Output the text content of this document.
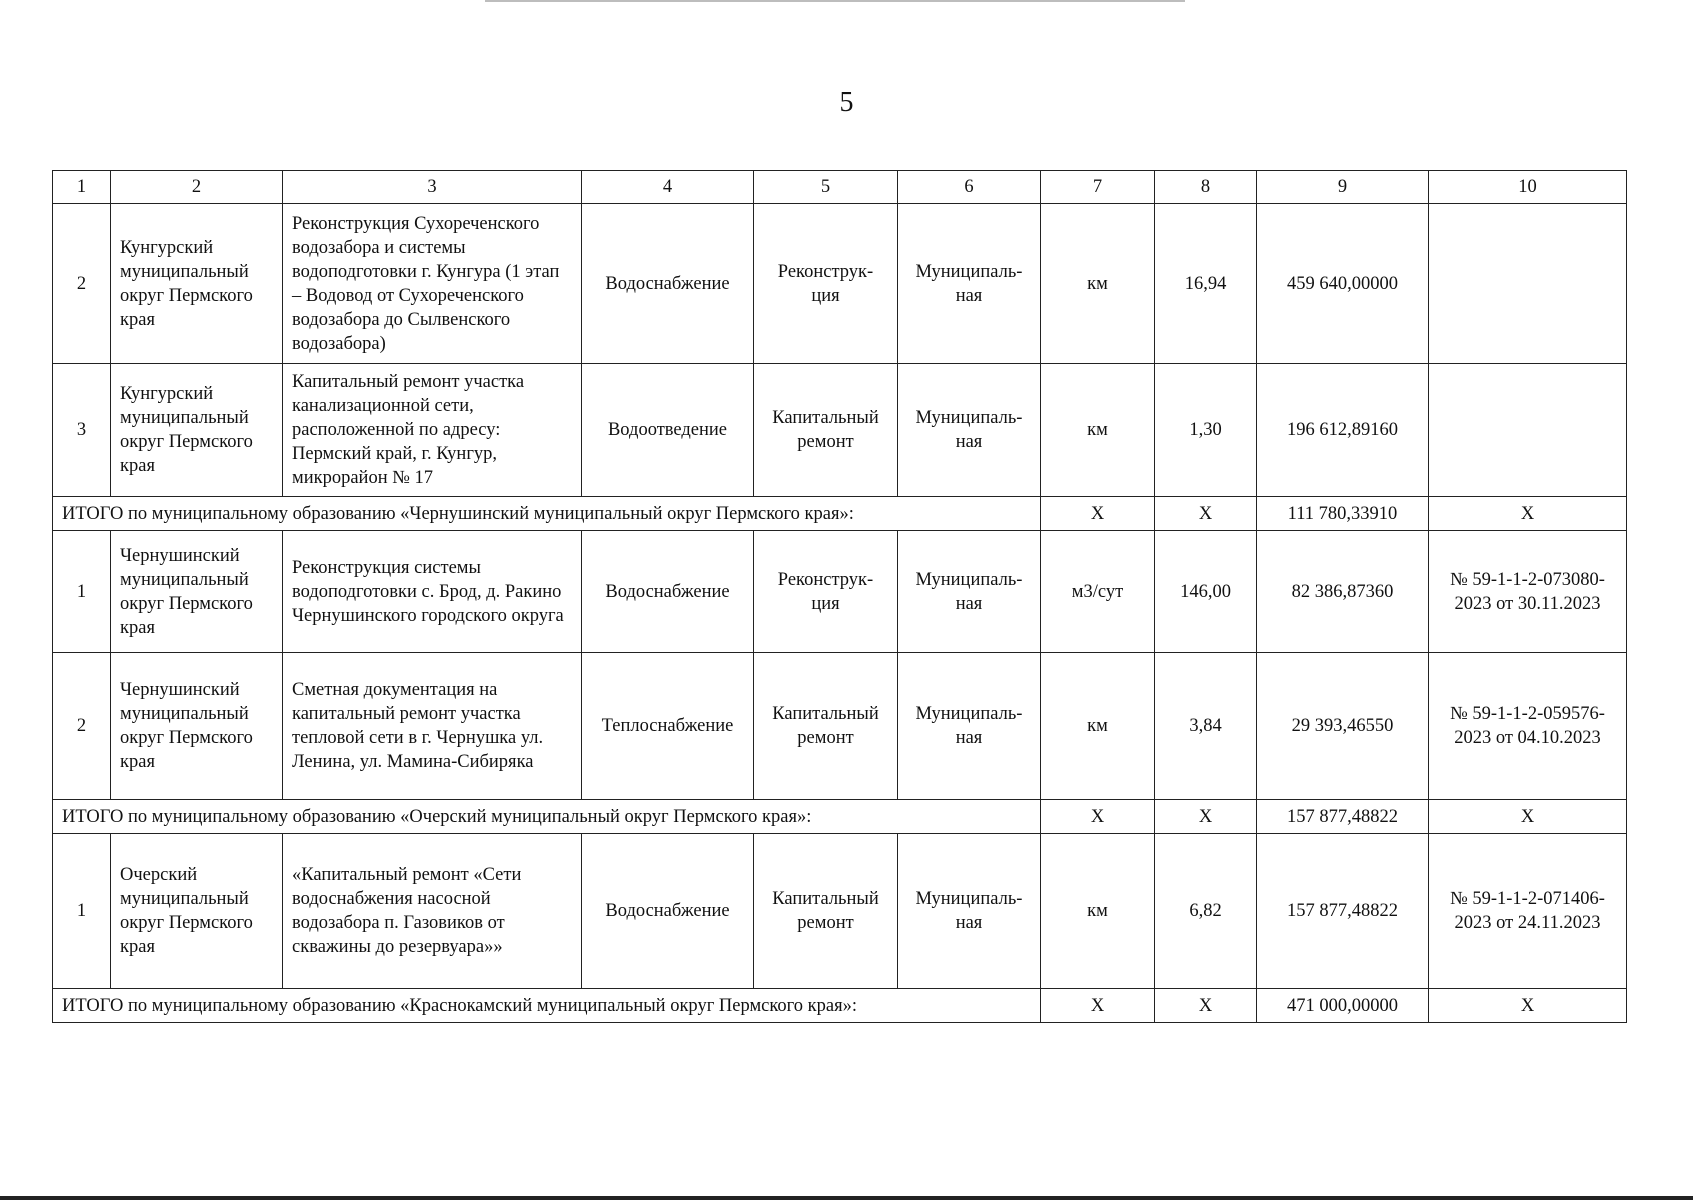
5
1	2	3	4	5	6	7	8	9	10
2	Кунгурский муниципальный округ Пермского края	Реконструкция Сухореченского водозабора и системы водоподготовки г. Кунгура (1 этап – Водовод от Сухореченского водозабора до Сылвенского водозабора)	Водоснабжение	Реконструк- ция	Муниципаль- ная	км	16,94	459 640,00000	
3	Кунгурский муниципальный округ Пермского края	Капитальный ремонт участка канализационной сети, расположенной по адресу: Пермский край, г. Кунгур, микрорайон № 17	Водоотведение	Капитальный ремонт	Муниципаль- ная	км	1,30	196 612,89160	
ИТОГО по муниципальному образованию «Чернушинский муниципальный округ Пермского края»:						Х	Х	111 780,33910	Х
1	Чернушинский муниципальный округ Пермского края	Реконструкция системы водоподготовки с. Брод, д. Ракино Чернушинского городского округа	Водоснабжение	Реконструк- ция	Муниципаль- ная	м3/сут	146,00	82 386,87360	№ 59-1-1-2-073080-2023 от 30.11.2023
2	Чернушинский муниципальный округ Пермского края	Сметная документация на капитальный ремонт участка тепловой сети в г. Чернушка ул. Ленина, ул. Мамина-Сибиряка	Теплоснабжение	Капитальный ремонт	Муниципаль- ная	км	3,84	29 393,46550	№ 59-1-1-2-059576-2023 от 04.10.2023
ИТОГО по муниципальному образованию «Очерский муниципальный округ Пермского края»:						Х	Х	157 877,48822	Х
1	Очерский муниципальный округ Пермского края	«Капитальный ремонт «Сети водоснабжения насосной водозабора п. Газовиков от скважины до резервуара»»	Водоснабжение	Капитальный ремонт	Муниципаль- ная	км	6,82	157 877,48822	№ 59-1-1-2-071406-2023 от 24.11.2023
ИТОГО по муниципальному образованию «Краснокамский муниципальный округ Пермского края»:						Х	Х	471 000,00000	Х
